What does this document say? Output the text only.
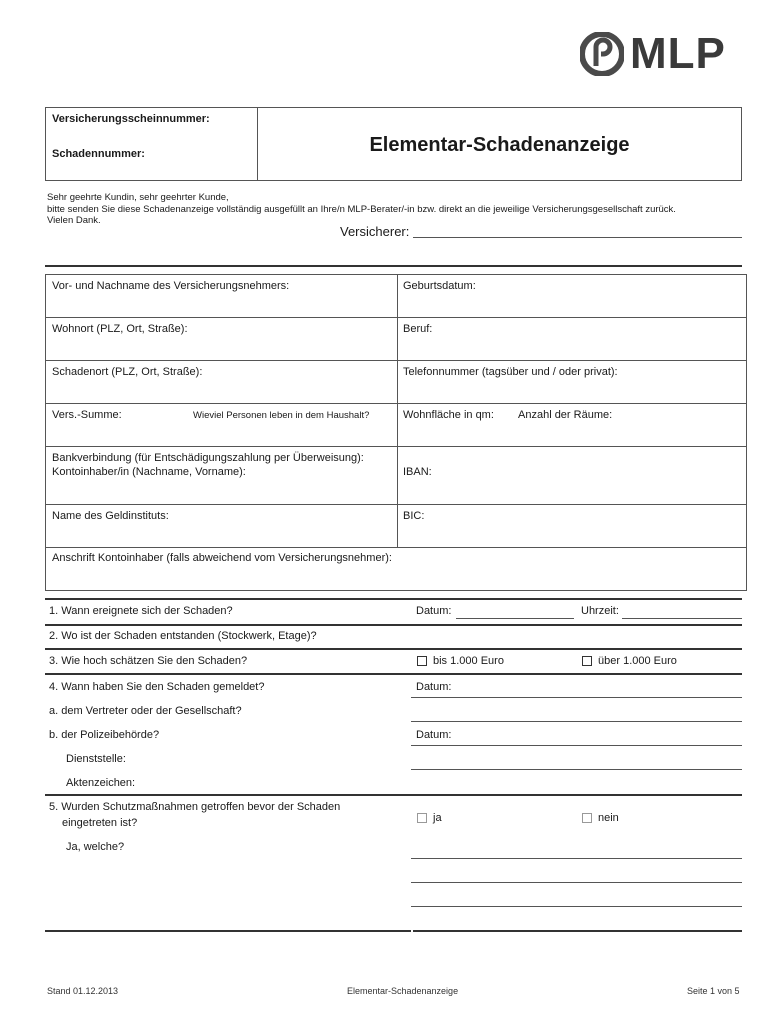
MLP
Versicherungsscheinnummer:
Schadennummer:	Elementar-Schadenanzeige
Sehr geehrte Kundin, sehr geehrter Kunde,
bitte senden Sie diese Schadenanzeige vollständig ausgefüllt an Ihre/n MLP-Berater/-in bzw. direkt an die jeweilige Versicherungsgesellschaft zurück.
Vielen Dank.
Versicherer:
Vor- und Nachname des Versicherungsnehmers:	Geburtsdatum:
Wohnort (PLZ, Ort, Straße):	Beruf:
Schadenort (PLZ, Ort, Straße):	Telefonnummer (tagsüber und / oder privat):
Vers.-Summe:	Wieviel Personen leben in dem Haushalt?	Wohnfläche in qm: Anzahl der Räume:
Bankverbindung (für Entschädigungszahlung per Überweisung):
Kontoinhaber/in (Nachname, Vorname):	IBAN:
Name des Geldinstituts:	BIC:
Anschrift Kontoinhaber (falls abweichend vom Versicherungsnehmer):
1. Wann ereignete sich der Schaden?	Datum:	Uhrzeit:
2. Wo ist der Schaden entstanden (Stockwerk, Etage)?
3. Wie hoch schätzen Sie den Schaden?	bis 1.000 Euro	über 1.000 Euro
4. Wann haben Sie den Schaden gemeldet?	Datum:
a. dem Vertreter oder der Gesellschaft?
b. der Polizeibehörde?	Datum:
Dienststelle:
Aktenzeichen:
5. Wurden Schutzmaßnahmen getroffen bevor der Schaden
eingetreten ist?	ja	nein
Ja, welche?
Stand 01.12.2013	Elementar-Schadenanzeige	Seite 1 von 5
